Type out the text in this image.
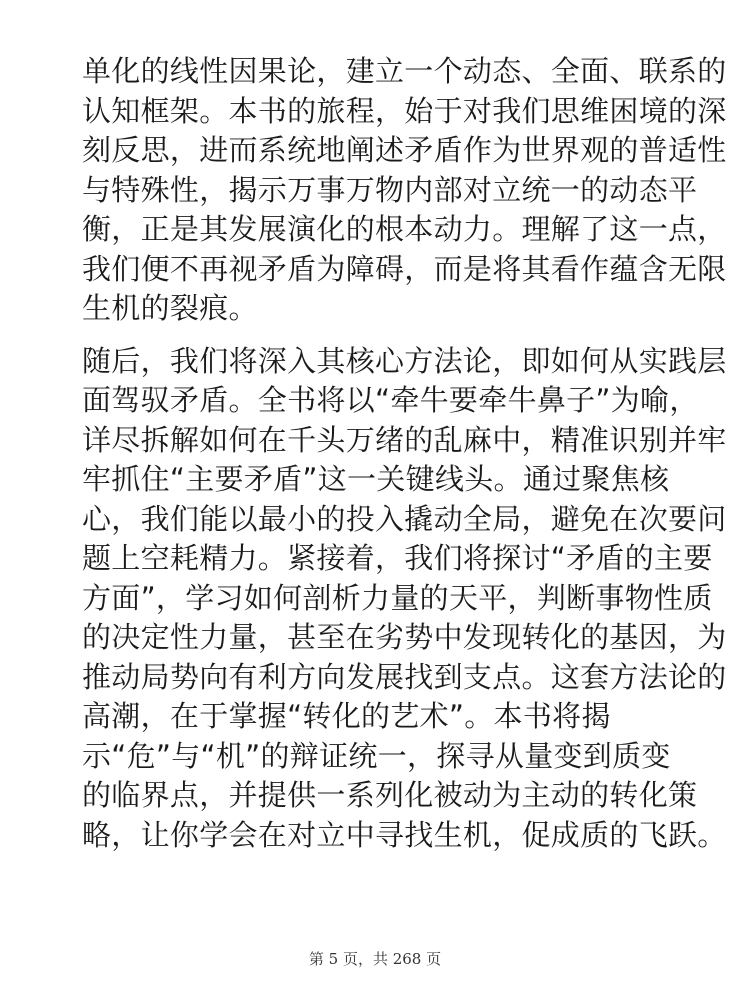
单化的线性因果论，建立一个动态、全面、联系的
认知框架。本书的旅程，始于对我们思维困境的深
刻反思，进而系统地阐述矛盾作为世界观的普适性
与特殊性，揭示万事万物内部对立统一的动态平
衡，正是其发展演化的根本动力。理解了这一点，
我们便不再视矛盾为障碍，而是将其看作蕴含无限
生机的裂痕。
随后，我们将深入其核心方法论，即如何从实践层
面驾驭矛盾。全书将以“牵牛要牵牛鼻子”为喻，
详尽拆解如何在千头万绪的乱麻中，精准识别并牢
牢抓住“主要矛盾”这一关键线头。通过聚焦核
心，我们能以最小的投入撬动全局，避免在次要问
题上空耗精力。紧接着，我们将探讨“矛盾的主要
方面”，学习如何剖析力量的天平，判断事物性质
的决定性力量，甚至在劣势中发现转化的基因，为
推动局势向有利方向发展找到支点。这套方法论的
高潮，在于掌握“转化的艺术”。本书将揭
示“危”与“机”的辩证统一，探寻从量变到质变
的临界点，并提供一系列化被动为主动的转化策
略，让你学会在对立中寻找生机，促成质的飞跃。
第 5 页，共 268 页
